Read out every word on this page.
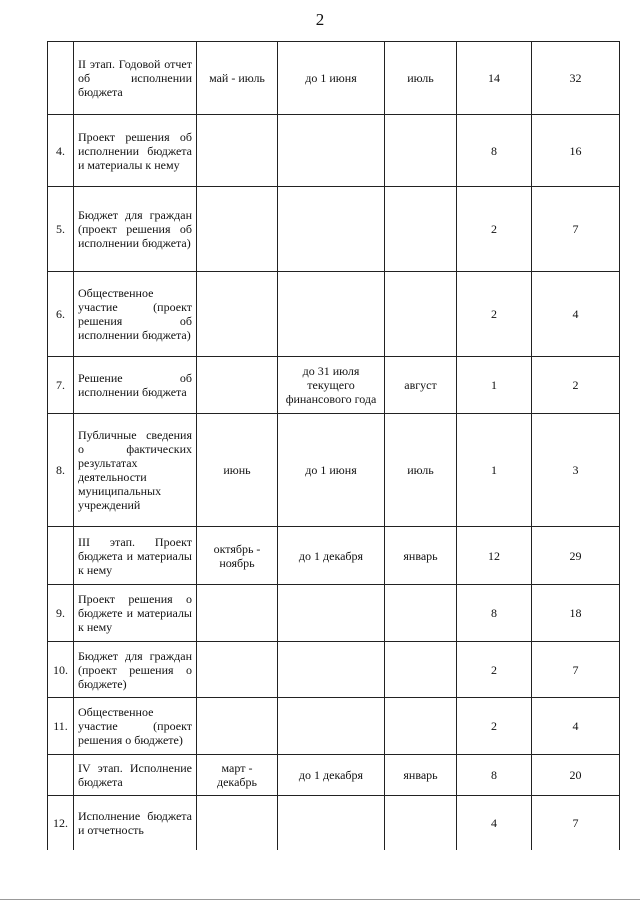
2
	II этап. Годовой отчет об исполнении бюджета	май - июль	до 1 июня	июль	14	32
4.	Проект решения об исполнении бюджета и материалы к нему				8	16
5.	Бюджет для граждан (проект решения об исполнении бюджета)				2	7
6.	Общественное участие (проект решения об исполнении бюджета)				2	4
7.	Решение об исполнении бюджета		до 31 июля текущего финансового года	август	1	2
8.	Публичные сведения о фактических результатах деятельности муниципальных учреждений	июнь	до 1 июня	июль	1	3
	III этап. Проект бюджета и материалы к нему	октябрь - ноябрь	до 1 декабря	январь	12	29
9.	Проект решения о бюджете и материалы к нему				8	18
10.	Бюджет для граждан (проект решения о бюджете)				2	7
11.	Общественное участие (проект решения о бюджете)				2	4
	IV этап. Исполнение бюджета	март - декабрь	до 1 декабря	январь	8	20
12.	Исполнение бюджета и отчетность				4	7
